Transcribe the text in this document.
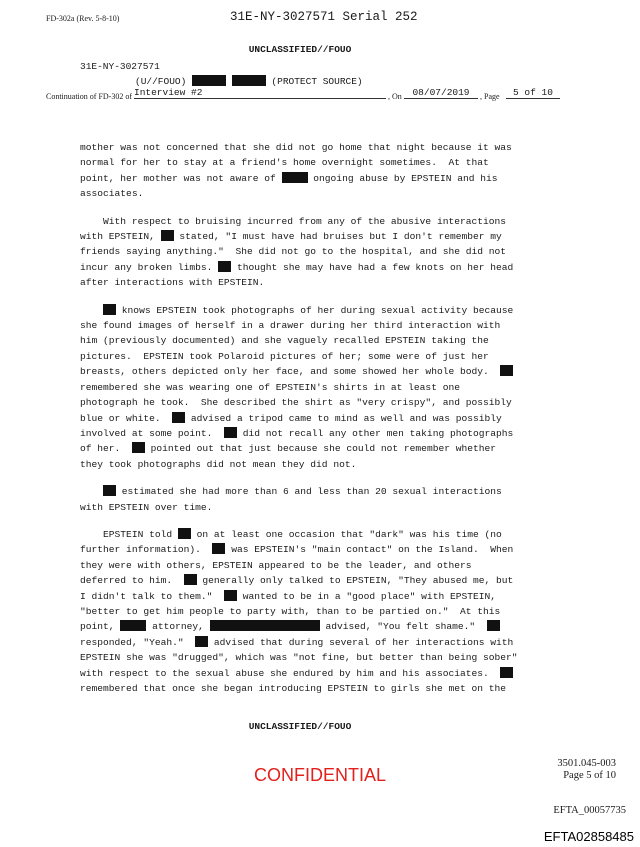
FD-302a (Rev. 5-8-10)	31E-NY-3027571 Serial 252
UNCLASSIFIED//FOUO
31E-NY-3027571
(U//FOUO)	(PROTECT SOURCE)
Continuation of FD-302 of Interview #2	, On	08/07/2019	, Page	5 of 10
mother was not concerned that she did not go home that night because it was
normal for her to stay at a friend's home overnight sometimes.  At that
point, her mother was not aware of	ongoing abuse by EPSTEIN and his
associates.
With respect to bruising incurred from any of the abusive interactions
with EPSTEIN,	stated, "I must have had bruises but I don't remember my
friends saying anything."  She did not go to the hospital, and she did not
incur any broken limbs.	thought she may have had a few knots on her head
after interactions with EPSTEIN.
knows EPSTEIN took photographs of her during sexual activity because
she found images of herself in a drawer during her third interaction with
him (previously documented) and she vaguely recalled EPSTEIN taking the
pictures.  EPSTEIN took Polaroid pictures of her; some were of just her
breasts, others depicted only her face, and some showed her whole body.
remembered she was wearing one of EPSTEIN's shirts in at least one
photograph he took.  She described the shirt as "very crispy", and possibly
blue or white.	advised a tripod came to mind as well and was possibly
involved at some point.	did not recall any other men taking photographs
of her.	pointed out that just because she could not remember whether
they took photographs did not mean they did not.
estimated she had more than 6 and less than 20 sexual interactions
with EPSTEIN over time.
EPSTEIN told	on at least one occasion that "dark" was his time (no
further information).	was EPSTEIN's "main contact" on the Island.  When
they were with others, EPSTEIN appeared to be the leader, and others
deferred to him.	generally only talked to EPSTEIN, "They abused me, but
I didn't talk to them."	wanted to be in a "good place" with EPSTEIN,
"better to get him people to party with, than to be partied on."  At this
point,	attorney,	advised, "You felt shame."
responded, "Yeah."	advised that during several of her interactions with
EPSTEIN she was "drugged", which was "not fine, but better than being sober"
with respect to the sexual abuse she endured by him and his associates.
remembered that once she began introducing EPSTEIN to girls she met on the
UNCLASSIFIED//FOUO
CONFIDENTIAL
3501.045-003
Page 5 of 10
EFTA_00057735
EFTA02858485
